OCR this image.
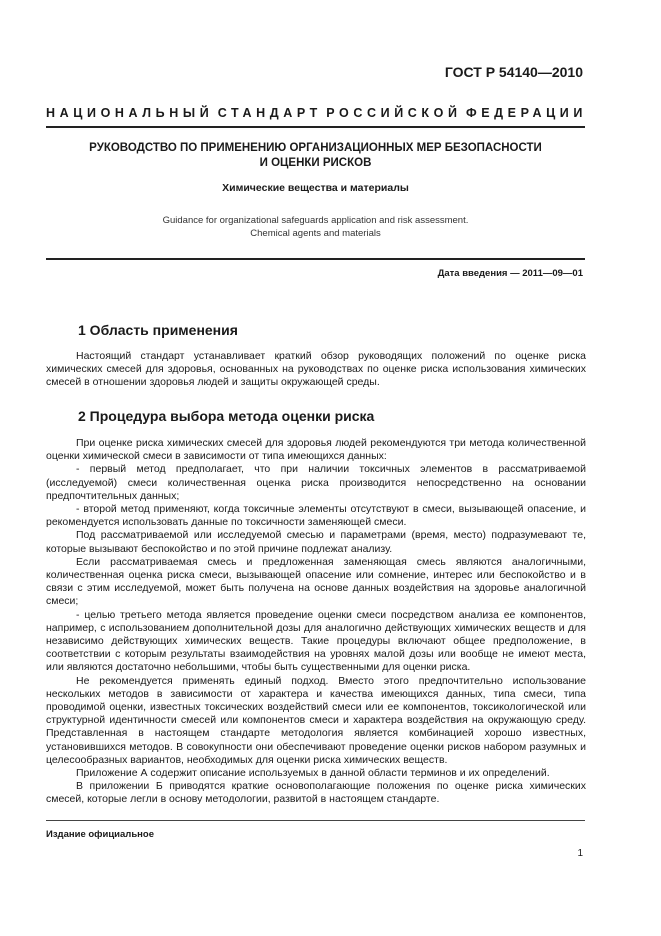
ГОСТ Р 54140—2010
НАЦИОНАЛЬНЫЙ СТАНДАРТ РОССИЙСКОЙ ФЕДЕРАЦИИ
РУКОВОДСТВО ПО ПРИМЕНЕНИЮ ОРГАНИЗАЦИОННЫХ МЕР БЕЗОПАСНОСТИ
И ОЦЕНКИ РИСКОВ
Химические вещества и материалы
Guidance for organizational safeguards application and risk assessment.
Chemical agents and materials
Дата введения — 2011—09—01
1 Область применения

Настоящий стандарт устанавливает краткий обзор руководящих положений по оценке риска химических смесей для здоровья, основанных на руководствах по оценке риска использования химических смесей в отношении здоровья людей и защиты окружающей среды.

2 Процедура выбора метода оценки риска

При оценке риска химических смесей для здоровья людей рекомендуются три метода количественной оценки химической смеси в зависимости от типа имеющихся данных:

- первый метод предполагает, что при наличии токсичных элементов в рассматриваемой (исследуемой) смеси количественная оценка риска производится непосредственно на основании предпочтительных данных;

- второй метод применяют, когда токсичные элементы отсутствуют в смеси, вызывающей опасение, и рекомендуется использовать данные по токсичности заменяющей смеси.

Под рассматриваемой или исследуемой смесью и параметрами (время, место) подразумевают те, которые вызывают беспокойство и по этой причине подлежат анализу.

Если рассматриваемая смесь и предложенная заменяющая смесь являются аналогичными, количественная оценка риска смеси, вызывающей опасение или сомнение, интерес или беспокойство и в связи с этим исследуемой, может быть получена на основе данных воздействия на здоровье аналогичной смеси;

- целью третьего метода является проведение оценки смеси посредством анализа ее компонентов, например, с использованием дополнительной дозы для аналогично действующих химических веществ и для независимо действующих химических веществ. Такие процедуры включают общее предположение, в соответствии с которым результаты взаимодействия на уровнях малой дозы или вообще не имеют места, или являются достаточно небольшими, чтобы быть существенными для оценки риска.

Не рекомендуется применять единый подход. Вместо этого предпочтительно использование нескольких методов в зависимости от характера и качества имеющихся данных, типа смеси, типа проводимой оценки, известных токсических воздействий смеси или ее компонентов, токсикологической или структурной идентичности смесей или компонентов смеси и характера воздействия на окружающую среду. Представленная в настоящем стандарте методология является комбинацией хорошо известных, установившихся методов. В совокупности они обеспечивают проведение оценки рисков набором разумных и целесообразных вариантов, необходимых для оценки риска химических веществ.

Приложение А содержит описание используемых в данной области терминов и их определений.

В приложении Б приводятся краткие основополагающие положения по оценке риска химических смесей, которые легли в основу методологии, развитой в настоящем стандарте.

Издание официальное
1
